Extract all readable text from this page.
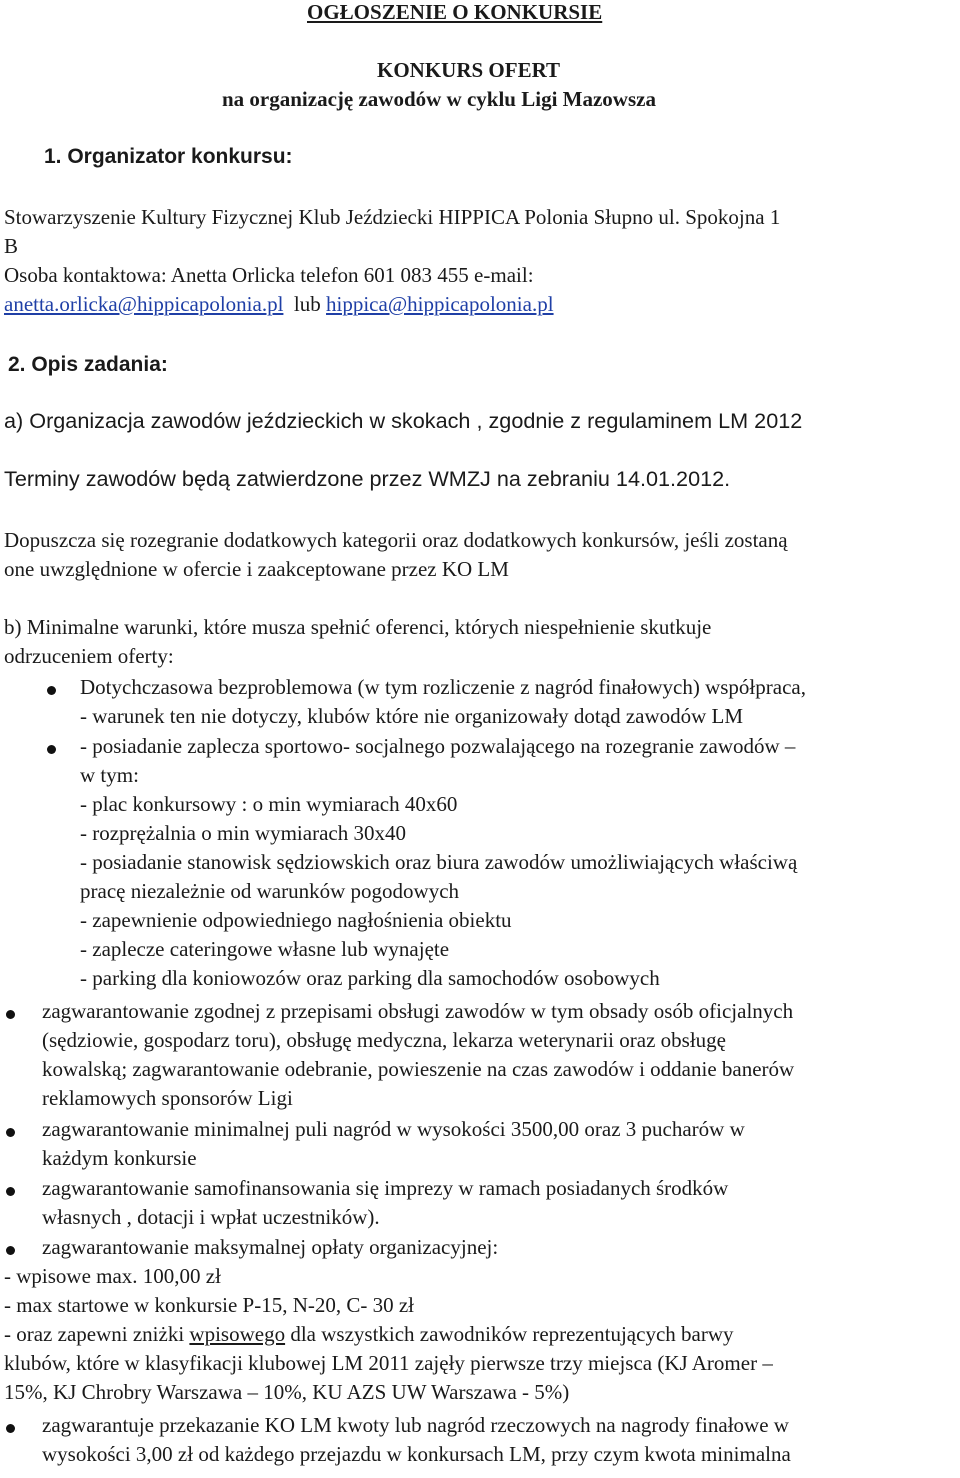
OGŁOSZENIE O KONKURSIE
KONKURS OFERT
na organizację zawodów w cyklu Ligi Mazowsza
1. Organizator konkursu:
Stowarzyszenie Kultury Fizycznej Klub Jeździecki HIPPICA Polonia Słupno ul. Spokojna 1
B
Osoba kontaktowa: Anetta Orlicka telefon 601 083 455 e-mail:
anetta.orlicka@hippicapolonia.pl lub hippica@hippicapolonia.pl
2. Opis zadania:
a) Organizacja zawodów jeździeckich w skokach , zgodnie z regulaminem LM 2012
Terminy zawodów będą zatwierdzone przez WMZJ na zebraniu 14.01.2012.
Dopuszcza się rozegranie dodatkowych kategorii oraz dodatkowych konkursów, jeśli zostaną
one uwzględnione w ofercie i zaakceptowane przez KO LM
b) Minimalne warunki, które musza spełnić oferenci, których niespełnienie skutkuje
odrzuceniem oferty:
Dotychczasowa bezproblemowa (w tym rozliczenie z nagród finałowych) współpraca,
- warunek ten nie dotyczy, klubów które nie organizowały dotąd zawodów LM
- posiadanie zaplecza sportowo- socjalnego pozwalającego na rozegranie zawodów –
w tym:
- plac konkursowy : o min wymiarach 40x60
- rozprężalnia o min wymiarach 30x40
- posiadanie stanowisk sędziowskich oraz biura zawodów umożliwiających właściwą
pracę niezależnie od warunków pogodowych
- zapewnienie odpowiedniego nagłośnienia obiektu
- zaplecze cateringowe własne lub wynajęte
- parking dla koniowozów oraz parking dla samochodów osobowych
zagwarantowanie zgodnej z przepisami obsługi zawodów w tym obsady osób oficjalnych
(sędziowie, gospodarz toru), obsługę medyczna, lekarza weterynarii oraz obsługę
kowalską; zagwarantowanie odebranie, powieszenie na czas zawodów i oddanie banerów
reklamowych sponsorów Ligi
zagwarantowanie minimalnej puli nagród w wysokości 3500,00 oraz 3 pucharów w
każdym konkursie
zagwarantowanie samofinansowania się imprezy w ramach posiadanych środków
własnych , dotacji i wpłat uczestników).
zagwarantowanie maksymalnej opłaty organizacyjnej:
- wpisowe max. 100,00 zł
- max startowe w konkursie P-15, N-20, C- 30 zł
- oraz zapewni zniżki wpisowego dla wszystkich zawodników reprezentujących barwy
klubów, które w klasyfikacji klubowej LM 2011 zajęły pierwsze trzy miejsca (KJ Aromer –
15%, KJ Chrobry Warszawa – 10%, KU AZS UW Warszawa - 5%)
zagwarantuje przekazanie KO LM kwoty lub nagród rzeczowych na nagrody finałowe w
wysokości 3,00 zł od każdego przejazdu w konkursach LM, przy czym kwota minimalna
